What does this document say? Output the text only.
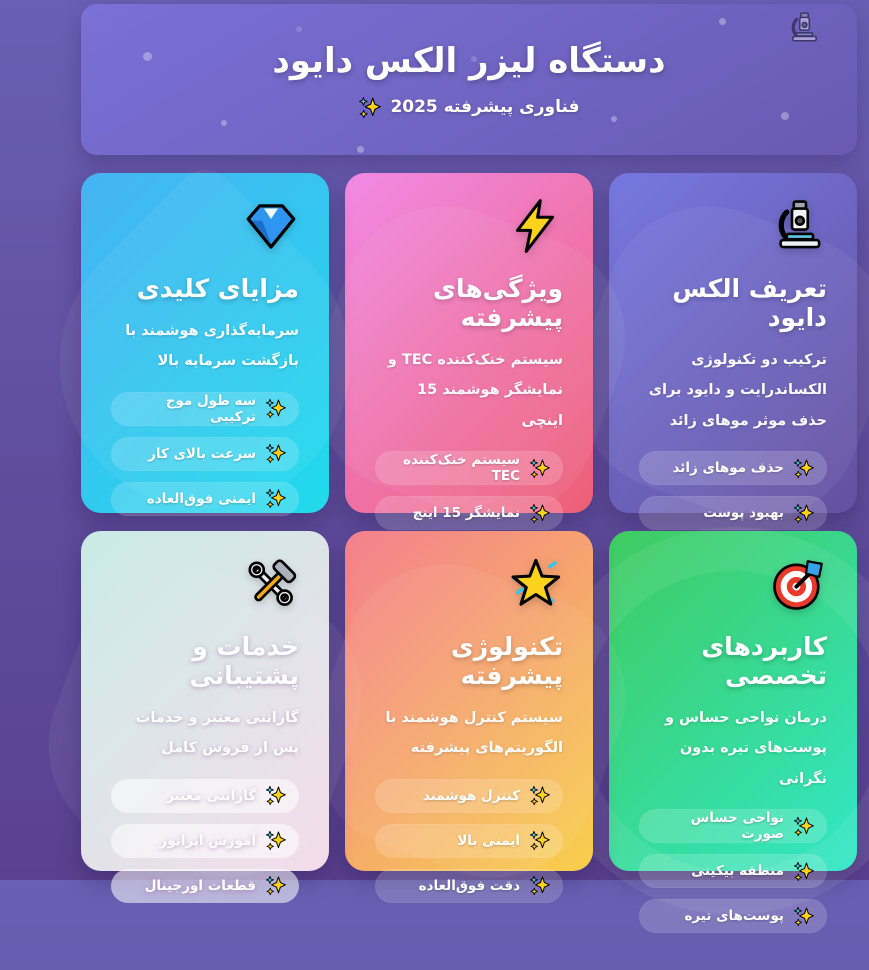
دستگاه لیزر الکس دایود
فناوری پیشرفته 2025
تعریف الکس دایود

ترکیب دو تکنولوژی الکساندرایت و دایود برای حذف موثر موهای زائد

حذف موهای زائد
بهبود پوست
ویژگی‌های پیشرفته

سیستم خنک‌کننده TEC و نمایشگر هوشمند 15 اینچی

سیستم خنک‌کننده TEC
نمایشگر 15 اینچ
مزایای کلیدی

سرمایه‌گذاری هوشمند با بازگشت سرمایه بالا

سه طول موج ترکیبی
سرعت بالای کار
ایمنی فوق‌العاده
کاربردهای تخصصی

درمان نواحی حساس و پوست‌های تیره بدون نگرانی

نواحی حساس صورت
منطقه بیکینی
پوست‌های تیره
تکنولوژی پیشرفته

سیستم کنترل هوشمند با الگوریتم‌های پیشرفته

کنترل هوشمند
ایمنی بالا
دقت فوق‌العاده
خدمات و پشتیبانی

گارانتی معتبر و خدمات پس از فروش کامل

گارانتی معتبر
آموزش اپراتور
قطعات اورجینال
